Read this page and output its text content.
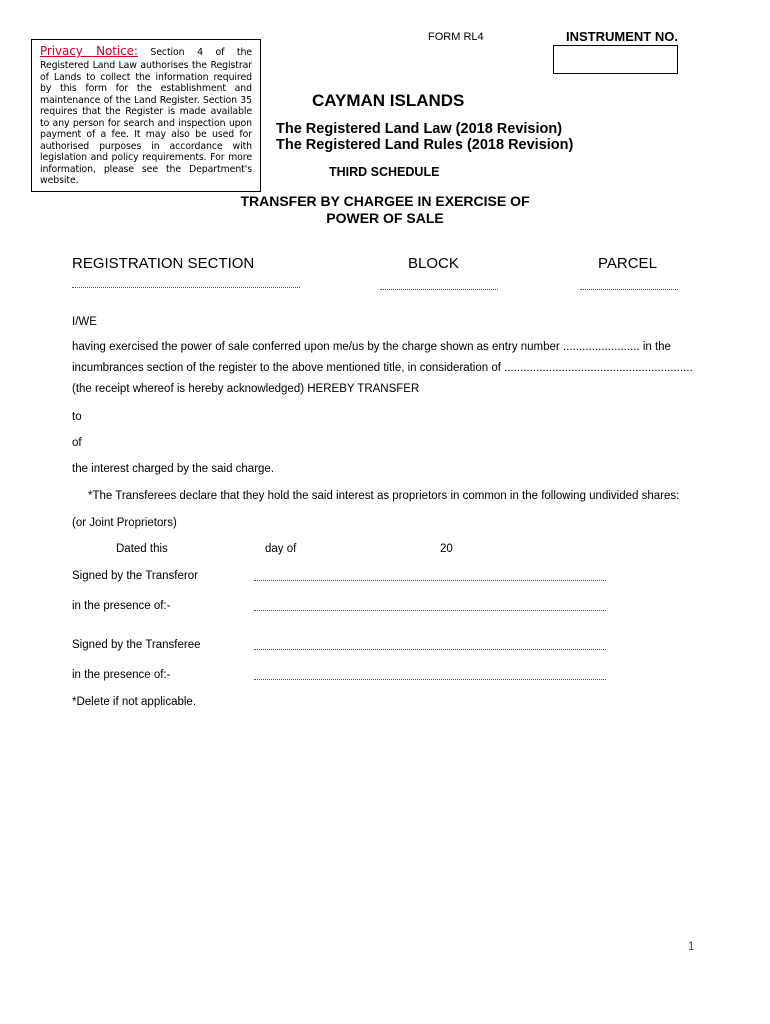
Privacy Notice: Section 4 of the Registered Land Law authorises the Registrar of Lands to collect the information required by this form for the establishment and maintenance of the Land Register. Section 35 requires that the Register is made available to any person for search and inspection upon payment of a fee. It may also be used for authorised purposes in accordance with legislation and policy requirements. For more information, please see the Department's website.
FORM RL4	INSTRUMENT NO.
CAYMAN ISLANDS
The Registered Land Law (2018 Revision)
The Registered Land Rules (2018 Revision)
THIRD SCHEDULE
TRANSFER BY CHARGEE IN EXERCISE OF
POWER OF SALE
REGISTRATION SECTION	BLOCK	PARCEL
I/WE
having exercised the power of sale conferred upon me/us by the charge shown as entry number ........................ in the
incumbrances section of the register to the above mentioned title, in consideration of ...........................................................
(the receipt whereof is hereby acknowledged) HEREBY TRANSFER
to
of
the interest charged by the said charge.
*The Transferees declare that they hold the said interest as proprietors in common in the following undivided shares:
(or Joint Proprietors)
Dated this	day of	20
Signed by the Transferor
in the presence of:-
Signed by the Transferee
in the presence of:-
*Delete if not applicable.
1
